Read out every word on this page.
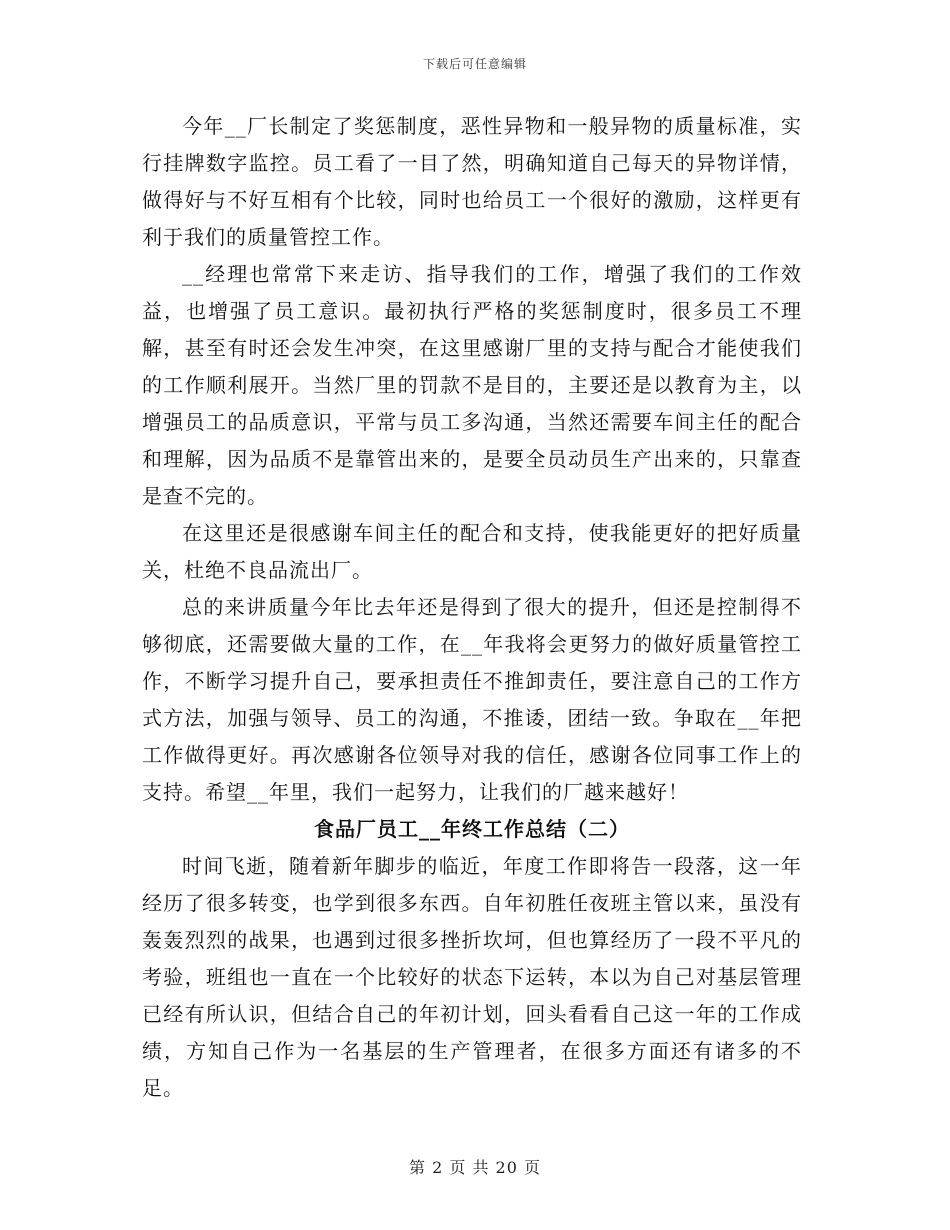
下载后可任意编辑

今年__厂长制定了奖惩制度，恶性异物和一般异物的质量标准，实行挂牌数字监控。员工看了一目了然，明确知道自己每天的异物详情，做得好与不好互相有个比较，同时也给员工一个很好的激励，这样更有利于我们的质量管控工作。

__经理也常常下来走访、指导我们的工作，增强了我们的工作效益，也增强了员工意识。最初执行严格的奖惩制度时，很多员工不理解，甚至有时还会发生冲突，在这里感谢厂里的支持与配合才能使我们的工作顺利展开。当然厂里的罚款不是目的，主要还是以教育为主，以增强员工的品质意识，平常与员工多沟通，当然还需要车间主任的配合和理解，因为品质不是靠管出来的，是要全员动员生产出来的，只靠查是查不完的。

在这里还是很感谢车间主任的配合和支持，使我能更好的把好质量关，杜绝不良品流出厂。

总的来讲质量今年比去年还是得到了很大的提升，但还是控制得不够彻底，还需要做大量的工作，在__年我将会更努力的做好质量管控工作，不断学习提升自己，要承担责任不推卸责任，要注意自己的工作方式方法，加强与领导、员工的沟通，不推诿，团结一致。争取在__年把工作做得更好。再次感谢各位领导对我的信任，感谢各位同事工作上的支持。希望__年里，我们一起努力，让我们的厂越来越好！

食品厂员工__年终工作总结（二）

时间飞逝，随着新年脚步的临近，年度工作即将告一段落，这一年经历了很多转变，也学到很多东西。自年初胜任夜班主管以来，虽没有轰轰烈烈的战果，也遇到过很多挫折坎坷，但也算经历了一段不平凡的考验，班组也一直在一个比较好的状态下运转，本以为自己对基层管理已经有所认识，但结合自己的年初计划，回头看看自己这一年的工作成绩，方知自己作为一名基层的生产管理者，在很多方面还有诸多的不足。

第 2 页 共 20 页
